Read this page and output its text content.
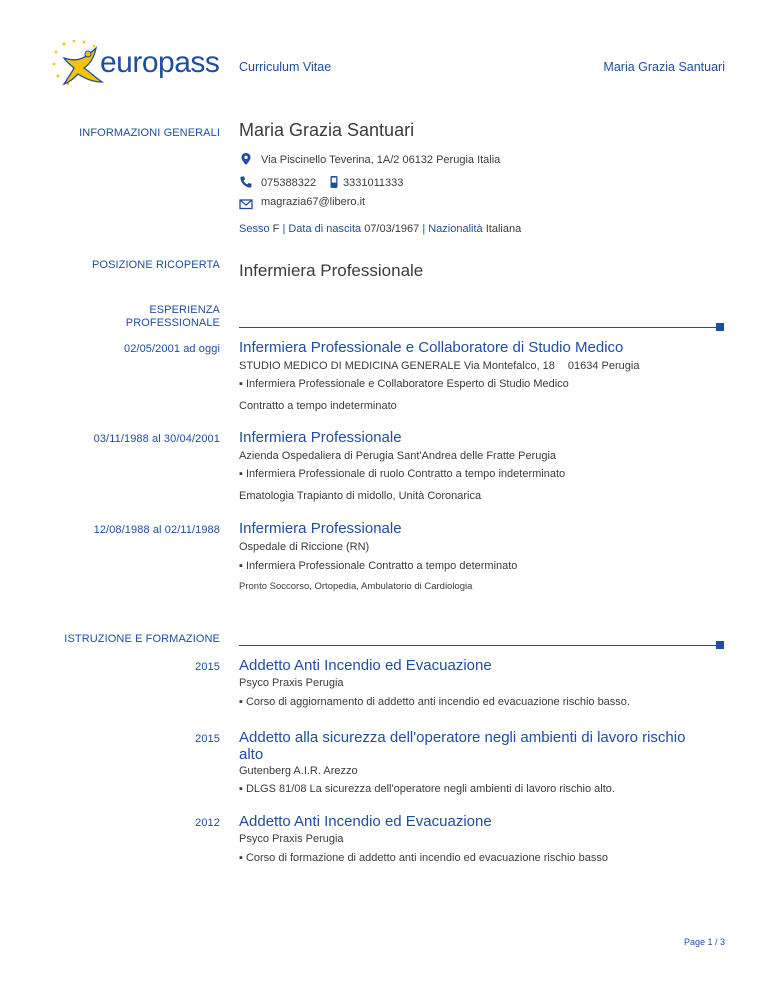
europass Curriculum Vitae	Maria Grazia Santuari
INFORMAZIONI GENERALI Maria Grazia Santuari
Via Piscinello Teverina, 1A/2 06132 Perugia Italia
075388322 3331011333
magrazia67@libero.it
Sesso F | Data di nascita 07/03/1967 | Nazionalità Italiana
POSIZIONE RICOPERTA Infermiera Professionale
ESPERIENZA
PROFESSIONALE
02/05/2001 ad oggi Infermiera Professionale e Collaboratore di Studio Medico
STUDIO MEDICO DI MEDICINA GENERALE Via Montefalco, 18 01634 Perugia
▪ Infermiera Professionale e Collaboratore Esperto di Studio Medico
Contratto a tempo indeterminato
03/11/1988 al 30/04/2001 Infermiera Professionale
Azienda Ospedaliera di Perugia Sant'Andrea delle Fratte Perugia
▪ Infermiera Professionale di ruolo Contratto a tempo indeterminato
Ematologia Trapianto di midollo, Unità Coronarica
12/08/1988 al 02/11/1988 Infermiera Professionale
Ospedale di Riccione (RN)
▪ Infermiera Professionale Contratto a tempo determinato
Pronto Soccorso, Ortopedia, Ambulatorio di Cardiologia
ISTRUZIONE E FORMAZIONE
2015 Addetto Anti Incendio ed Evacuazione
Psyco Praxis Perugia
▪ Corso di aggiornamento di addetto anti incendio ed evacuazione rischio basso.
2015 Addetto alla sicurezza dell'operatore negli ambienti di lavoro rischio
alto
Gutenberg A.I.R. Arezzo
▪ DLGS 81/08 La sicurezza dell'operatore negli ambienti di lavoro rischio alto.
2012 Addetto Anti Incendio ed Evacuazione
Psyco Praxis Perugia
▪ Corso di formazione di addetto anti incendio ed evacuazione rischio basso
Page 1 / 3
